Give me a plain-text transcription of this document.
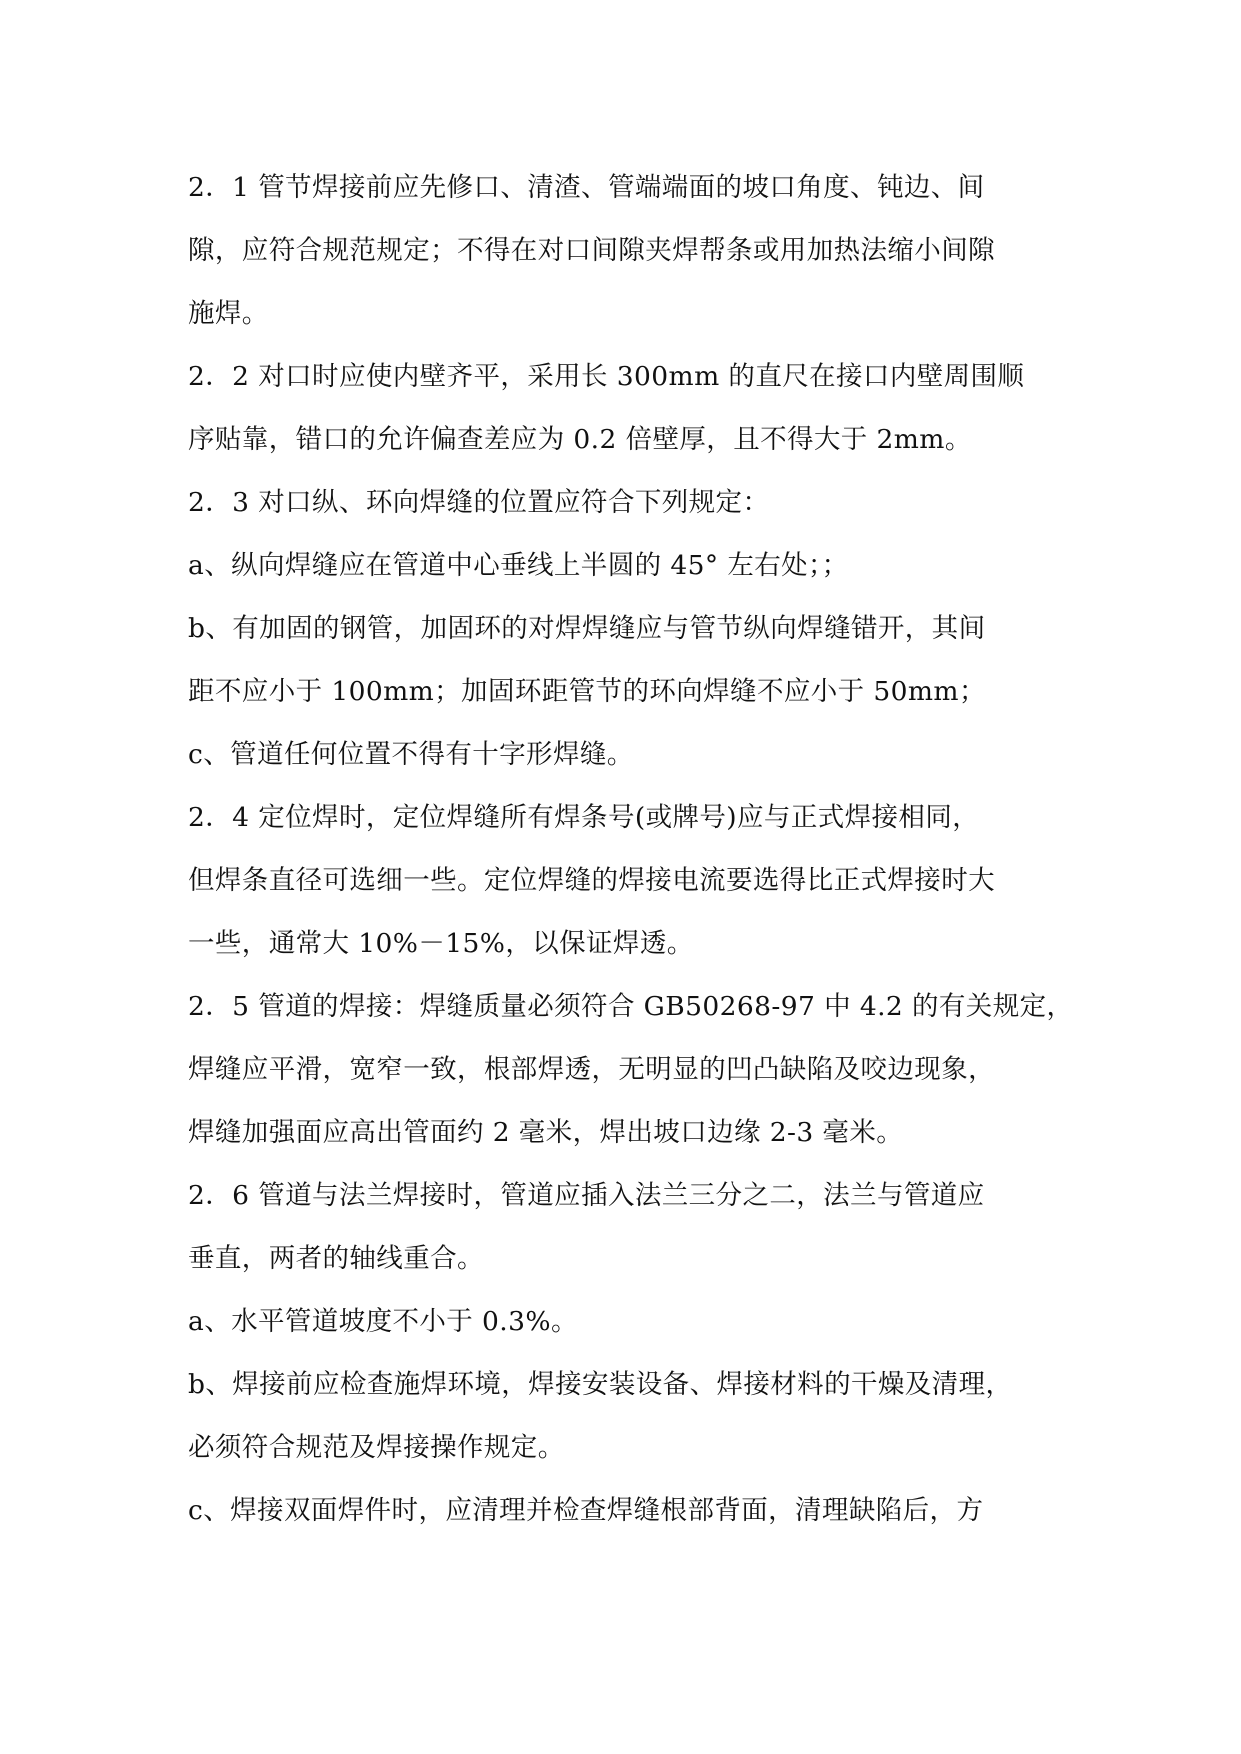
2．1 管节焊接前应先修口、清渣、管端端面的坡口角度、钝边、间
隙，应符合规范规定；不得在对口间隙夹焊帮条或用加热法缩小间隙
施焊。
2．2 对口时应使内壁齐平，采用长 300mm 的直尺在接口内壁周围顺
序贴靠，错口的允许偏查差应为 0.2 倍壁厚，且不得大于 2mm。
2．3 对口纵、环向焊缝的位置应符合下列规定：
a、纵向焊缝应在管道中心垂线上半圆的 45° 左右处；；
b、有加固的钢管，加固环的对焊焊缝应与管节纵向焊缝错开，其间
距不应小于 100mm；加固环距管节的环向焊缝不应小于 50mm；
c、管道任何位置不得有十字形焊缝。
2．4 定位焊时，定位焊缝所有焊条号(或牌号)应与正式焊接相同，
但焊条直径可选细一些。定位焊缝的焊接电流要选得比正式焊接时大
一些，通常大 10%－15%，以保证焊透。
2．5 管道的焊接：焊缝质量必须符合 GB50268-97 中 4.2 的有关规定，
焊缝应平滑，宽窄一致，根部焊透，无明显的凹凸缺陷及咬边现象，
焊缝加强面应高出管面约 2 毫米，焊出坡口边缘 2-3 毫米。
2．6 管道与法兰焊接时，管道应插入法兰三分之二，法兰与管道应
垂直，两者的轴线重合。
a、水平管道坡度不小于 0.3%。
b、焊接前应检查施焊环境，焊接安装设备、焊接材料的干燥及清理，
必须符合规范及焊接操作规定。
c、焊接双面焊件时，应清理并检查焊缝根部背面，清理缺陷后，方
